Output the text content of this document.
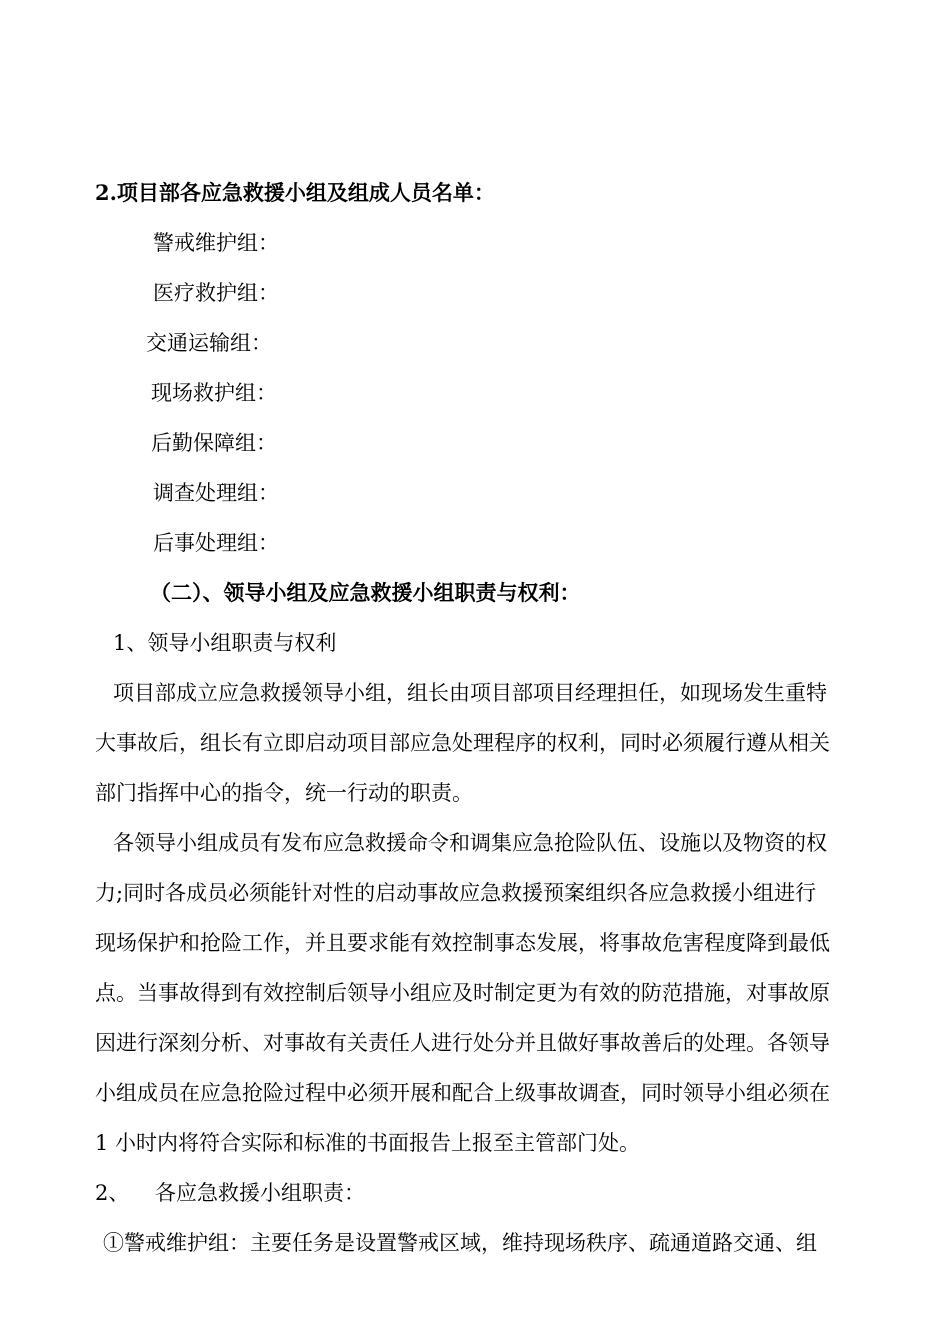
2.项目部各应急救援小组及组成人员名单：
警戒维护组：
医疗救护组：
交通运输组：
现场救护组：
后勤保障组：
调查处理组：
后事处理组：
（二）、领导小组及应急救援小组职责与权利：
1、领导小组职责与权利
项目部成立应急救援领导小组，组长由项目部项目经理担任，如现场发生重特
大事故后，组长有立即启动项目部应急处理程序的权利，同时必须履行遵从相关
部门指挥中心的指令，统一行动的职责。
各领导小组成员有发布应急救援命令和调集应急抢险队伍、设施以及物资的权
力;同时各成员必须能针对性的启动事故应急救援预案组织各应急救援小组进行
现场保护和抢险工作，并且要求能有效控制事态发展，将事故危害程度降到最低
点。当事故得到有效控制后领导小组应及时制定更为有效的防范措施，对事故原
因进行深刻分析、对事故有关责任人进行处分并且做好事故善后的处理。各领导
小组成员在应急抢险过程中必须开展和配合上级事故调查，同时领导小组必须在
1 小时内将符合实际和标准的书面报告上报至主管部门处。
2、 各应急救援小组职责：
①警戒维护组：主要任务是设置警戒区域，维持现场秩序、疏通道路交通、组
